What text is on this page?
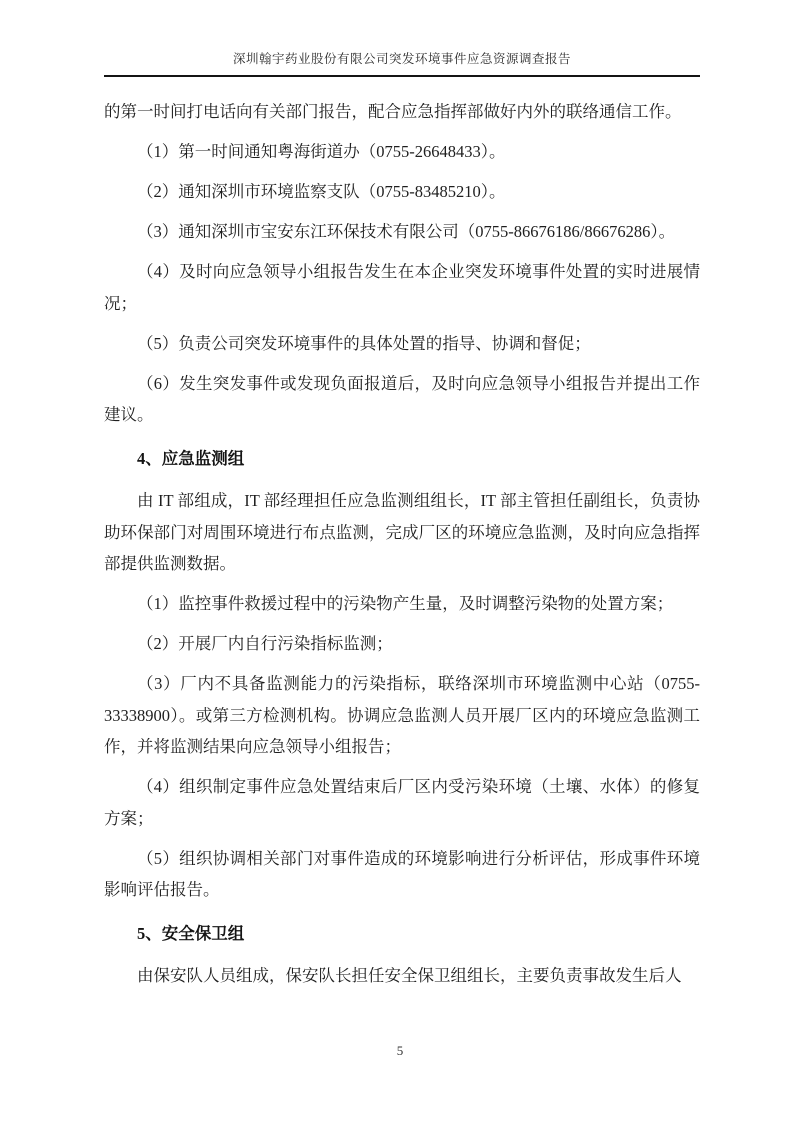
深圳翰宇药业股份有限公司突发环境事件应急资源调查报告

的第一时间打电话向有关部门报告，配合应急指挥部做好内外的联络通信工作。

（1）第一时间通知粤海街道办（0755-26648433）。

（2）通知深圳市环境监察支队（0755-83485210）。

（3）通知深圳市宝安东江环保技术有限公司（0755-86676186/86676286）。

（4）及时向应急领导小组报告发生在本企业突发环境事件处置的实时进展情况；

（5）负责公司突发环境事件的具体处置的指导、协调和督促；

（6）发生突发事件或发现负面报道后，及时向应急领导小组报告并提出工作建议。

4、应急监测组

由 IT 部组成，IT 部经理担任应急监测组组长，IT 部主管担任副组长，负责协助环保部门对周围环境进行布点监测，完成厂区的环境应急监测，及时向应急指挥部提供监测数据。

（1）监控事件救援过程中的污染物产生量，及时调整污染物的处置方案；

（2）开展厂内自行污染指标监测；

（3）厂内不具备监测能力的污染指标，联络深圳市环境监测中心站（0755-33338900）。或第三方检测机构。协调应急监测人员开展厂区内的环境应急监测工作，并将监测结果向应急领导小组报告；

（4）组织制定事件应急处置结束后厂区内受污染环境（土壤、水体）的修复方案；

（5）组织协调相关部门对事件造成的环境影响进行分析评估，形成事件环境影响评估报告。

5、安全保卫组

由保安队人员组成，保安队长担任安全保卫组组长，主要负责事故发生后人

5
